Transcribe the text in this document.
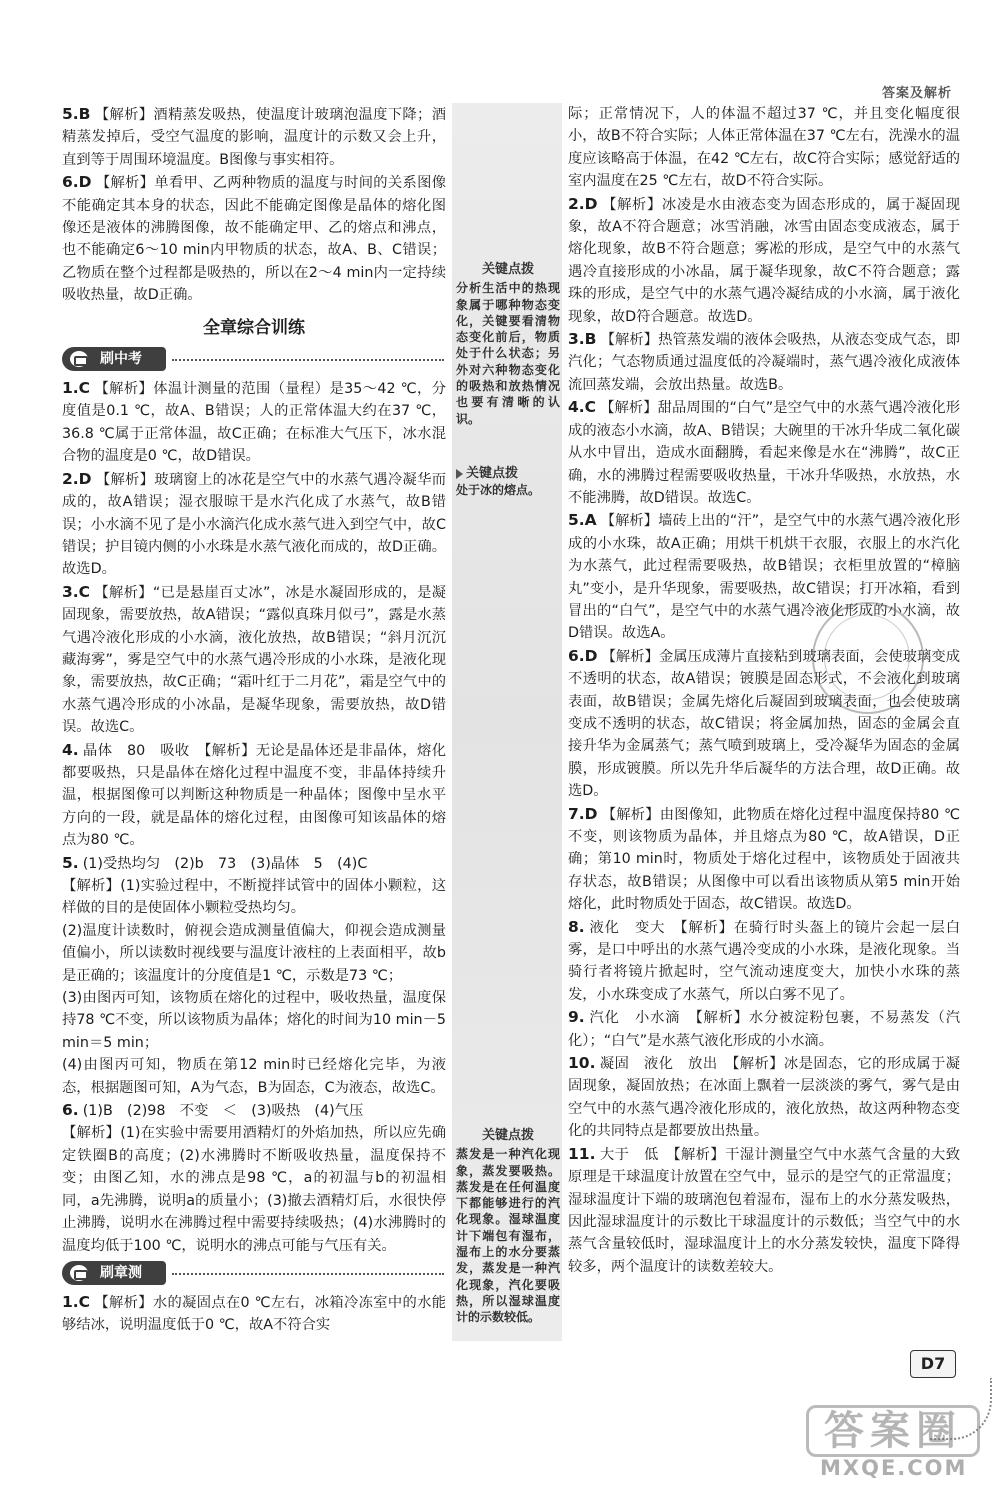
答案及解析
5.B 【解析】酒精蒸发吸热，使温度计玻璃泡温度下降；酒精蒸发掉后，受空气温度的影响，温度计的示数又会上升，直到等于周围环境温度。B图像与事实相符。
6.D 【解析】单看甲、乙两种物质的温度与时间的关系图像不能确定其本身的状态，因此不能确定图像是晶体的熔化图像还是液体的沸腾图像，故不能确定甲、乙的熔点和沸点，也不能确定6～10 min内甲物质的状态，故A、B、C错误；乙物质在整个过程都是吸热的，所以在2～4 min内一定持续吸收热量，故D正确。
全章综合训练
刷中考
1.C 【解析】体温计测量的范围（量程）是35～42 ℃，分度值是0.1 ℃，故A、B错误；人的正常体温大约在37 ℃，36.8 ℃属于正常体温，故C正确；在标准大气压下，冰水混合物的温度是0 ℃，故D错误。
2.D 【解析】玻璃窗上的冰花是空气中的水蒸气遇冷凝华而成的，故A错误；湿衣服晾干是水汽化成了水蒸气，故B错误；小水滴不见了是小水滴汽化成水蒸气进入到空气中，故C错误；护目镜内侧的小水珠是水蒸气液化而成的，故D正确。故选D。
3.C 【解析】“已是悬崖百丈冰”，冰是水凝固形成的，是凝固现象，需要放热，故A错误；“露似真珠月似弓”，露是水蒸气遇冷液化形成的小水滴，液化放热，故B错误；“斜月沉沉藏海雾”，雾是空气中的水蒸气遇冷形成的小水珠，是液化现象，需要放热，故C正确；“霜叶红于二月花”，霜是空气中的水蒸气遇冷形成的小冰晶，是凝华现象，需要放热，故D错误。故选C。
4. 晶体　80　吸收　【解析】无论是晶体还是非晶体，熔化都要吸热，只是晶体在熔化过程中温度不变，非晶体持续升温，根据图像可以判断这种物质是一种晶体；图像中呈水平方向的一段，就是晶体的熔化过程，由图像可知该晶体的熔点为80 ℃。
5. (1)受热均匀　(2)b　73　(3)晶体　5　(4)C
【解析】(1)实验过程中，不断搅拌试管中的固体小颗粒，这样做的目的是使固体小颗粒受热均匀。
(2)温度计读数时，俯视会造成测量值偏大，仰视会造成测量值偏小，所以读数时视线要与温度计液柱的上表面相平，故b是正确的；该温度计的分度值是1 ℃，示数是73 ℃；
(3)由图丙可知，该物质在熔化的过程中，吸收热量，温度保持78 ℃不变，所以该物质为晶体；熔化的时间为10 min－5 min＝5 min；
(4)由图丙可知，物质在第12 min时已经熔化完毕，为液态，根据题图可知，A为气态，B为固态，C为液态，故选C。
6. (1)B　(2)98　不变　＜　(3)吸热　(4)气压
【解析】(1)在实验中需要用酒精灯的外焰加热，所以应先确定铁圈B的高度；(2)水沸腾时不断吸收热量，温度保持不变；由图乙知，水的沸点是98 ℃，a的初温与b的初温相同，a先沸腾，说明a的质量小；(3)撤去酒精灯后，水很快停止沸腾，说明水在沸腾过程中需要持续吸热；(4)水沸腾时的温度均低于100 ℃，说明水的沸点可能与气压有关。
刷章测
1.C 【解析】水的凝固点在0 ℃左右，冰箱冷冻室中的水能够结冰，说明温度低于0 ℃，故A不符合实
关键点拨
分析生活中的热现象属于哪种物态变化，关键要看清物态变化前后，物质处于什么状态；另外对六种物态变化的吸热和放热情况也要有清晰的认识。
关键点拨
处于冰的熔点。
关键点拨
蒸发是一种汽化现象，蒸发要吸热。蒸发是在任何温度下都能够进行的汽化现象。湿球温度计下端包有湿布，湿布上的水分要蒸发，蒸发是一种汽化现象，汽化要吸热，所以湿球温度计的示数较低。
际；正常情况下，人的体温不超过37 ℃，并且变化幅度很小，故B不符合实际；人体正常体温在37 ℃左右，洗澡水的温度应该略高于体温，在42 ℃左右，故C符合实际；感觉舒适的室内温度在25 ℃左右，故D不符合实际。
2.D 【解析】冰凌是水由液态变为固态形成的，属于凝固现象，故A不符合题意；冰雪消融，冰雪由固态变成液态，属于熔化现象，故B不符合题意；雾凇的形成，是空气中的水蒸气遇冷直接形成的小冰晶，属于凝华现象，故C不符合题意；露珠的形成，是空气中的水蒸气遇冷凝结成的小水滴，属于液化现象，故D符合题意。故选D。
3.B 【解析】热管蒸发端的液体会吸热，从液态变成气态，即汽化；气态物质通过温度低的冷凝端时，蒸气遇冷液化成液体流回蒸发端，会放出热量。故选B。
4.C 【解析】甜品周围的“白气”是空气中的水蒸气遇冷液化形成的液态小水滴，故A、B错误；大碗里的干冰升华成二氧化碳从水中冒出，造成水面翻腾，看起来像是水在“沸腾”，故C正确，水的沸腾过程需要吸收热量，干冰升华吸热，水放热，水不能沸腾，故D错误。故选C。
5.A 【解析】墙砖上出的“汗”，是空气中的水蒸气遇冷液化形成的小水珠，故A正确；用烘干机烘干衣服，衣服上的水汽化为水蒸气，此过程需要吸热，故B错误；衣柜里放置的“樟脑丸”变小，是升华现象，需要吸热，故C错误；打开冰箱，看到冒出的“白气”，是空气中的水蒸气遇冷液化形成的小水滴，故D错误。故选A。
6.D 【解析】金属压成薄片直接粘到玻璃表面，会使玻璃变成不透明的状态，故A错误；镀膜是固态形式，不会液化到玻璃表面，故B错误；金属先熔化后凝固到玻璃表面，也会使玻璃变成不透明的状态，故C错误；将金属加热，固态的金属会直接升华为金属蒸气；蒸气喷到玻璃上，受冷凝华为固态的金属膜，形成镀膜。所以先升华后凝华的方法合理，故D正确。故选D。
7.D 【解析】由图像知，此物质在熔化过程中温度保持80 ℃不变，则该物质为晶体，并且熔点为80 ℃，故A错误，D正确；第10 min时，物质处于熔化过程中，该物质处于固液共存状态，故B错误；从图像中可以看出该物质从第5 min开始熔化，此时物质处于固态，故C错误。故选D。
8. 液化　变大　【解析】在骑行时头盔上的镜片会起一层白雾，是口中呼出的水蒸气遇冷变成的小水珠，是液化现象。当骑行者将镜片掀起时，空气流动速度变大，加快小水珠的蒸发，小水珠变成了水蒸气，所以白雾不见了。
9. 汽化　小水滴　【解析】水分被淀粉包裹，不易蒸发（汽化）；“白气”是水蒸气液化形成的小水滴。
10. 凝固　液化　放出　【解析】冰是固态，它的形成属于凝固现象，凝固放热；在冰面上飘着一层淡淡的雾气，雾气是由空气中的水蒸气遇冷液化形成的，液化放热，故这两种物态变化的共同特点是都要放出热量。
11. 大于　低　【解析】干湿计测量空气中水蒸气含量的大致原理是干球温度计放置在空气中，显示的是空气的正常温度；湿球温度计下端的玻璃泡包着湿布，湿布上的水分蒸发吸热，因此湿球温度计的示数比干球温度计的示数低；当空气中的水蒸气含量较低时，湿球温度计上的水分蒸发较快，温度下降得较多，两个温度计的读数差较大。
D7
答案圈
MXQE.COM
